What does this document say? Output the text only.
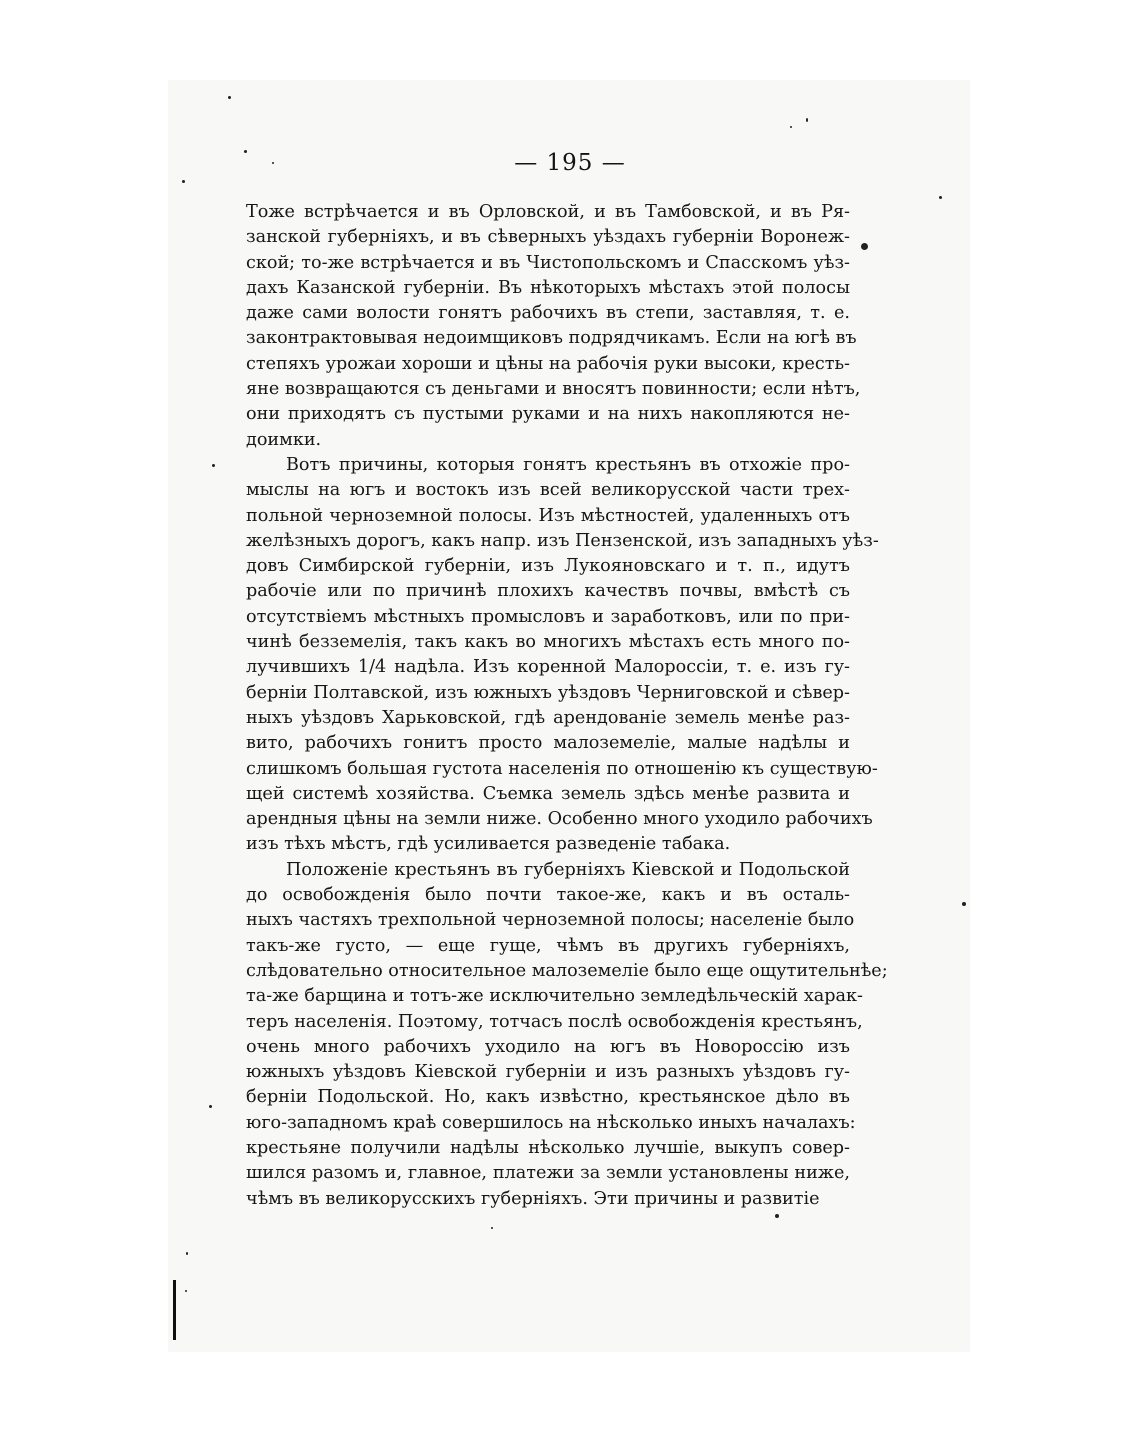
— 195 —
Тоже встрѣчается и въ Орловской, и въ Тамбовской, и въ Ря-
занской губерніяхъ, и въ сѣверныхъ уѣздахъ губерніи Воронеж-
ской; то-же встрѣчается и въ Чистопольскомъ и Спасскомъ уѣз-
дахъ Казанской губерніи. Въ нѣкоторыхъ мѣстахъ этой полосы
даже сами волости гонятъ рабочихъ въ степи, заставляя, т. е.
законтрактовывая недоимщиковъ подрядчикамъ. Если на югѣ въ
степяхъ урожаи хороши и цѣны на рабочія руки высоки, кресть-
яне возвращаются съ деньгами и вносятъ повинности; если нѣтъ,
они приходятъ съ пустыми руками и на нихъ накопляются не-
доимки.
Вотъ причины, которыя гонятъ крестьянъ въ отхожіе про-
мыслы на югъ и востокъ изъ всей великорусской части трех-
польной черноземной полосы. Изъ мѣстностей, удаленныхъ отъ
желѣзныхъ дорогъ, какъ напр. изъ Пензенской, изъ западныхъ уѣз-
довъ Симбирской губерніи, изъ Лукояновскаго и т. п., идутъ
рабочіе или по причинѣ плохихъ качествъ почвы, вмѣстѣ съ
отсутствіемъ мѣстныхъ промысловъ и заработковъ, или по при-
чинѣ безземелія, такъ какъ во многихъ мѣстахъ есть много по-
лучившихъ 1/4 надѣла. Изъ коренной Малороссіи, т. е. изъ гу-
берніи Полтавской, изъ южныхъ уѣздовъ Черниговской и сѣвер-
ныхъ уѣздовъ Харьковской, гдѣ арендованіе земель менѣе раз-
вито, рабочихъ гонитъ просто малоземеліе, малые надѣлы и
слишкомъ большая густота населенія по отношенію къ существую-
щей системѣ хозяйства. Съемка земель здѣсь менѣе развита и
арендныя цѣны на земли ниже. Особенно много уходило рабочихъ
изъ тѣхъ мѣстъ, гдѣ усиливается разведеніе табака.
Положеніе крестьянъ въ губерніяхъ Кіевской и Подольской
до освобожденія было почти такое-же, какъ и въ осталь-
ныхъ частяхъ трехпольной черноземной полосы; населеніе было
такъ-же густо, — еще гуще, чѣмъ въ другихъ губерніяхъ,
слѣдовательно относительное малоземеліе было еще ощутительнѣе;
та-же барщина и тотъ-же исключительно земледѣльческій харак-
теръ населенія. Поэтому, тотчасъ послѣ освобожденія крестьянъ,
очень много рабочихъ уходило на югъ въ Новороссію изъ
южныхъ уѣздовъ Кіевской губерніи и изъ разныхъ уѣздовъ гу-
берніи Подольской. Но, какъ извѣстно, крестьянское дѣло въ
юго-западномъ краѣ совершилось на нѣсколько иныхъ началахъ:
крестьяне получили надѣлы нѣсколько лучшіе, выкупъ совер-
шился разомъ и, главное, платежи за земли установлены ниже,
чѣмъ въ великорусскихъ губерніяхъ. Эти причины и развитіе
